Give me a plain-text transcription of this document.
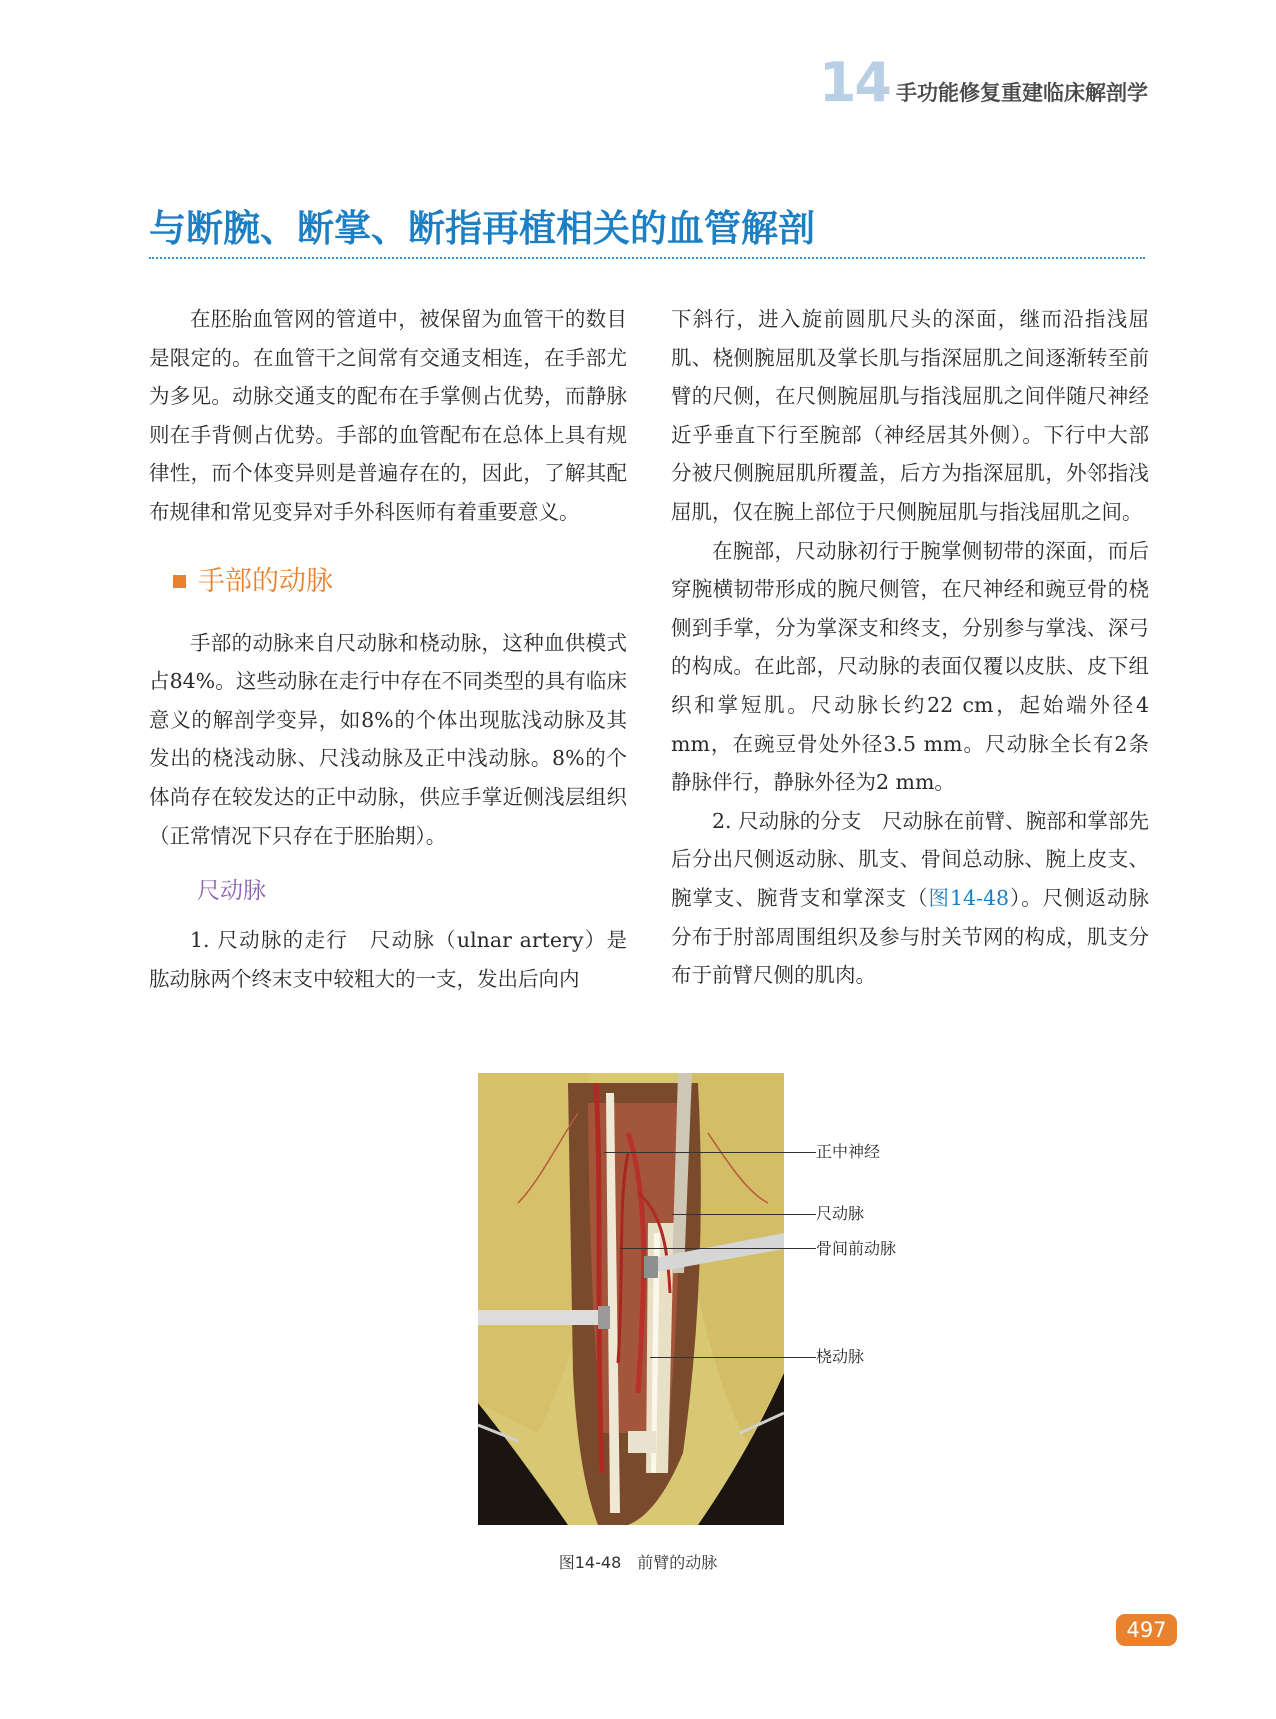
14 手功能修复重建临床解剖学
与断腕、断掌、断指再植相关的血管解剖

在胚胎血管网的管道中，被保留为血管干的数目是限定的。在血管干之间常有交通支相连，在手部尤为多见。动脉交通支的配布在手掌侧占优势，而静脉则在手背侧占优势。手部的血管配布在总体上具有规律性，而个体变异则是普遍存在的，因此，了解其配布规律和常见变异对手外科医师有着重要意义。

手部的动脉

手部的动脉来自尺动脉和桡动脉，这种血供模式占84%。这些动脉在走行中存在不同类型的具有临床意义的解剖学变异，如8%的个体出现肱浅动脉及其发出的桡浅动脉、尺浅动脉及正中浅动脉。8%的个体尚存在较发达的正中动脉，供应手掌近侧浅层组织（正常情况下只存在于胚胎期）。

尺动脉

1. 尺动脉的走行　尺动脉（ulnar artery）是肱动脉两个终末支中较粗大的一支，发出后向内

下斜行，进入旋前圆肌尺头的深面，继而沿指浅屈肌、桡侧腕屈肌及掌长肌与指深屈肌之间逐渐转至前臂的尺侧，在尺侧腕屈肌与指浅屈肌之间伴随尺神经近乎垂直下行至腕部（神经居其外侧）。下行中大部分被尺侧腕屈肌所覆盖，后方为指深屈肌，外邻指浅屈肌，仅在腕上部位于尺侧腕屈肌与指浅屈肌之间。

在腕部，尺动脉初行于腕掌侧韧带的深面，而后穿腕横韧带形成的腕尺侧管，在尺神经和豌豆骨的桡侧到手掌，分为掌深支和终支，分别参与掌浅、深弓的构成。在此部，尺动脉的表面仅覆以皮肤、皮下组织和掌短肌。尺动脉长约22 cm，起始端外径4 mm，在豌豆骨处外径3.5 mm。尺动脉全长有2条静脉伴行，静脉外径为2 mm。

2. 尺动脉的分支　尺动脉在前臂、腕部和掌部先后分出尺侧返动脉、肌支、骨间总动脉、腕上皮支、腕掌支、腕背支和掌深支（图14-48）。尺侧返动脉分布于肘部周围组织及参与肘关节网的构成，肌支分布于前臂尺侧的肌肉。

正中神经
尺动脉
骨间前动脉
桡动脉
图14-48　前臂的动脉
497
